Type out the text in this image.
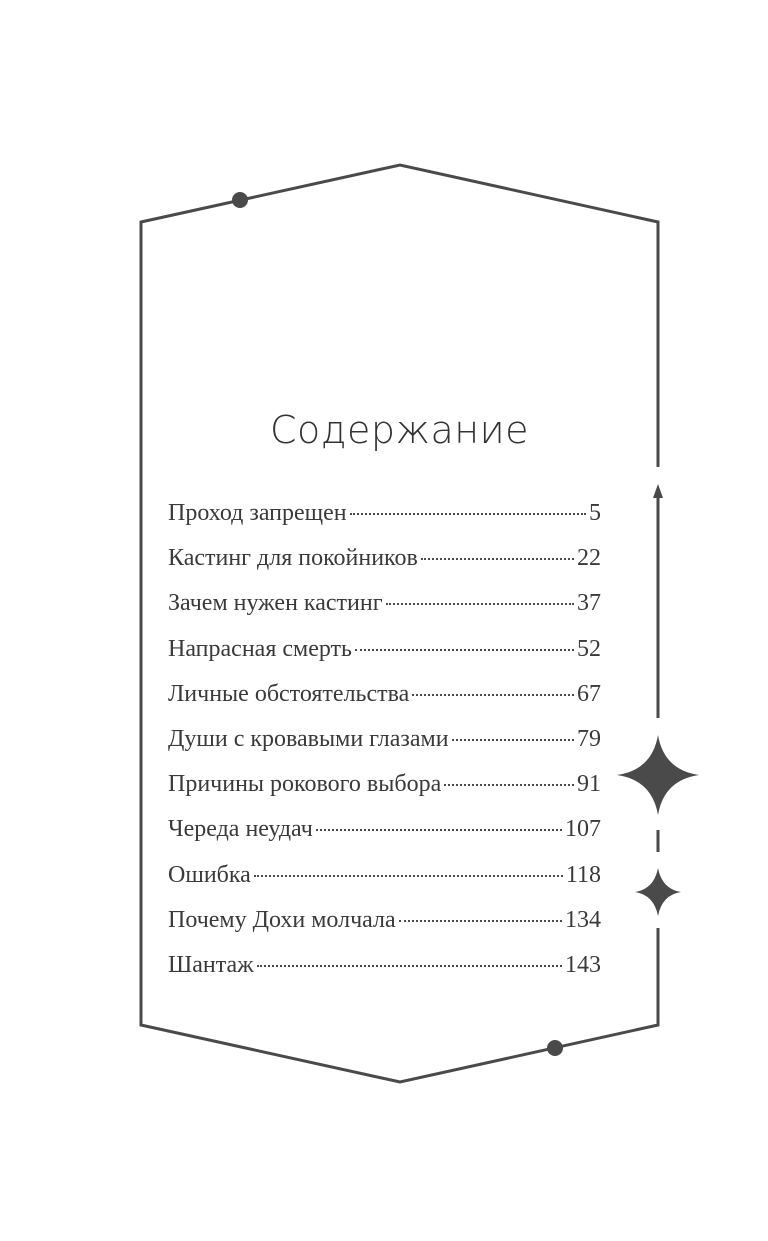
Содержание
Проход запрещен	5
Кастинг для покойников	22
Зачем нужен кастинг	37
Напрасная смерть	52
Личные обстоятельства	67
Души с кровавыми глазами	79
Причины рокового выбора	91
Череда неудач	107
Ошибка	118
Почему Дохи молчала	134
Шантаж	143
